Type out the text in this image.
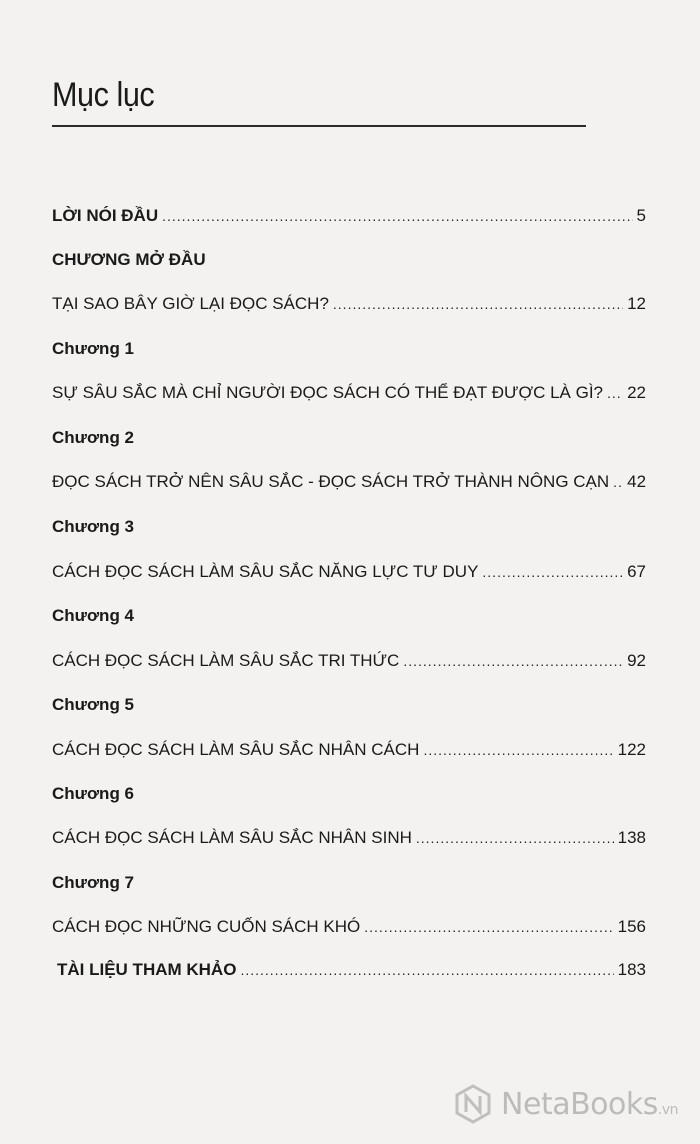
Mục lục
LỜI NÓI ĐẦU .....	5
CHƯƠNG MỞ ĐẦU
TẠI SAO BÂY GIỜ LẠI ĐỌC SÁCH? .....	12
Chương 1
SỰ SÂU SẮC MÀ CHỈ NGƯỜI ĐỌC SÁCH CÓ THỂ ĐẠT ĐƯỢC LÀ GÌ? ..... 22
Chương 2
ĐỌC SÁCH TRỞ NÊN SÂU SẮC - ĐỌC SÁCH TRỞ THÀNH NÔNG CẠN ..... 42
Chương 3
CÁCH ĐỌC SÁCH LÀM SÂU SẮC NĂNG LỰC TƯ DUY .....	67
Chương 4
CÁCH ĐỌC SÁCH LÀM SÂU SẮC TRI THỨC .....	92
Chương 5
CÁCH ĐỌC SÁCH LÀM SÂU SẮC NHÂN CÁCH .....	122
Chương 6
CÁCH ĐỌC SÁCH LÀM SÂU SẮC NHÂN SINH .....	138
Chương 7
CÁCH ĐỌC NHỮNG CUỐN SÁCH KHÓ .....	156
TÀI LIỆU THAM KHẢO .....	183
NetaBooks.vn
